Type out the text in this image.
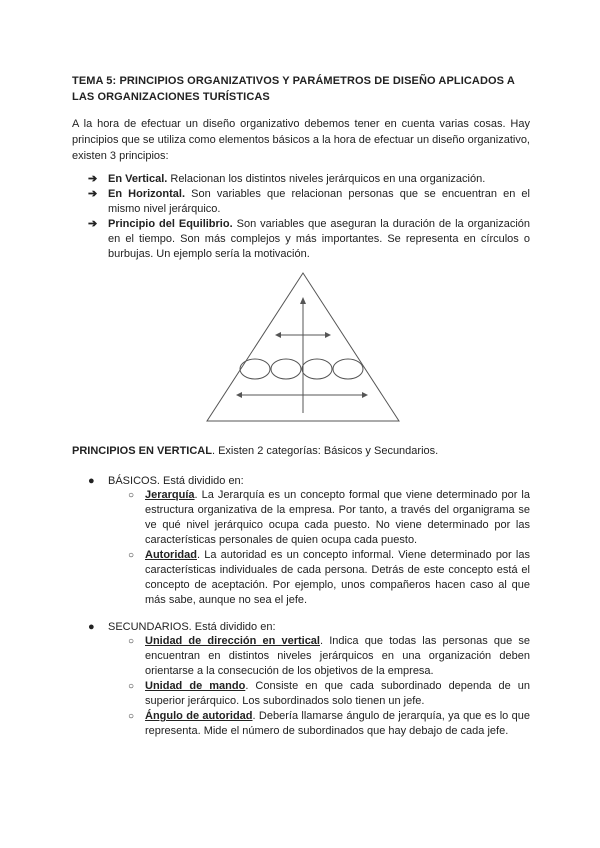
TEMA 5: PRINCIPIOS ORGANIZATIVOS Y PARÁMETROS DE DISEÑO APLICADOS A LAS ORGANIZACIONES TURÍSTICAS
A la hora de efectuar un diseño organizativo debemos tener en cuenta varias cosas. Hay principios que se utiliza como elementos básicos a la hora de efectuar un diseño organizativo, existen 3 principios:
➔ En Vertical. Relacionan los distintos niveles jerárquicos en una organización.
➔ En Horizontal. Son variables que relacionan personas que se encuentran en el mismo nivel jerárquico.
➔ Principio del Equilibrio. Son variables que aseguran la duración de la organización en el tiempo. Son más complejos y más importantes. Se representa en círculos o burbujas. Un ejemplo sería la motivación.
PRINCIPIOS EN VERTICAL. Existen 2 categorías: Básicos y Secundarios.
● BÁSICOS. Está dividido en:
○ Jerarquía. La Jerarquía es un concepto formal que viene determinado por la estructura organizativa de la empresa. Por tanto, a través del organigrama se ve qué nivel jerárquico ocupa cada puesto. No viene determinado por las características personales de quien ocupa cada puesto.
○ Autoridad. La autoridad es un concepto informal. Viene determinado por las características individuales de cada persona. Detrás de este concepto está el concepto de aceptación. Por ejemplo, unos compañeros hacen caso al que más sabe, aunque no sea el jefe.
● SECUNDARIOS. Está dividido en:
○ Unidad de dirección en vertical. Indica que todas las personas que se encuentran en distintos niveles jerárquicos en una organización deben orientarse a la consecución de los objetivos de la empresa.
○ Unidad de mando. Consiste en que cada subordinado dependa de un superior jerárquico. Los subordinados solo tienen un jefe.
○ Ángulo de autoridad. Debería llamarse ángulo de jerarquía, ya que es lo que representa. Mide el número de subordinados que hay debajo de cada jefe.
